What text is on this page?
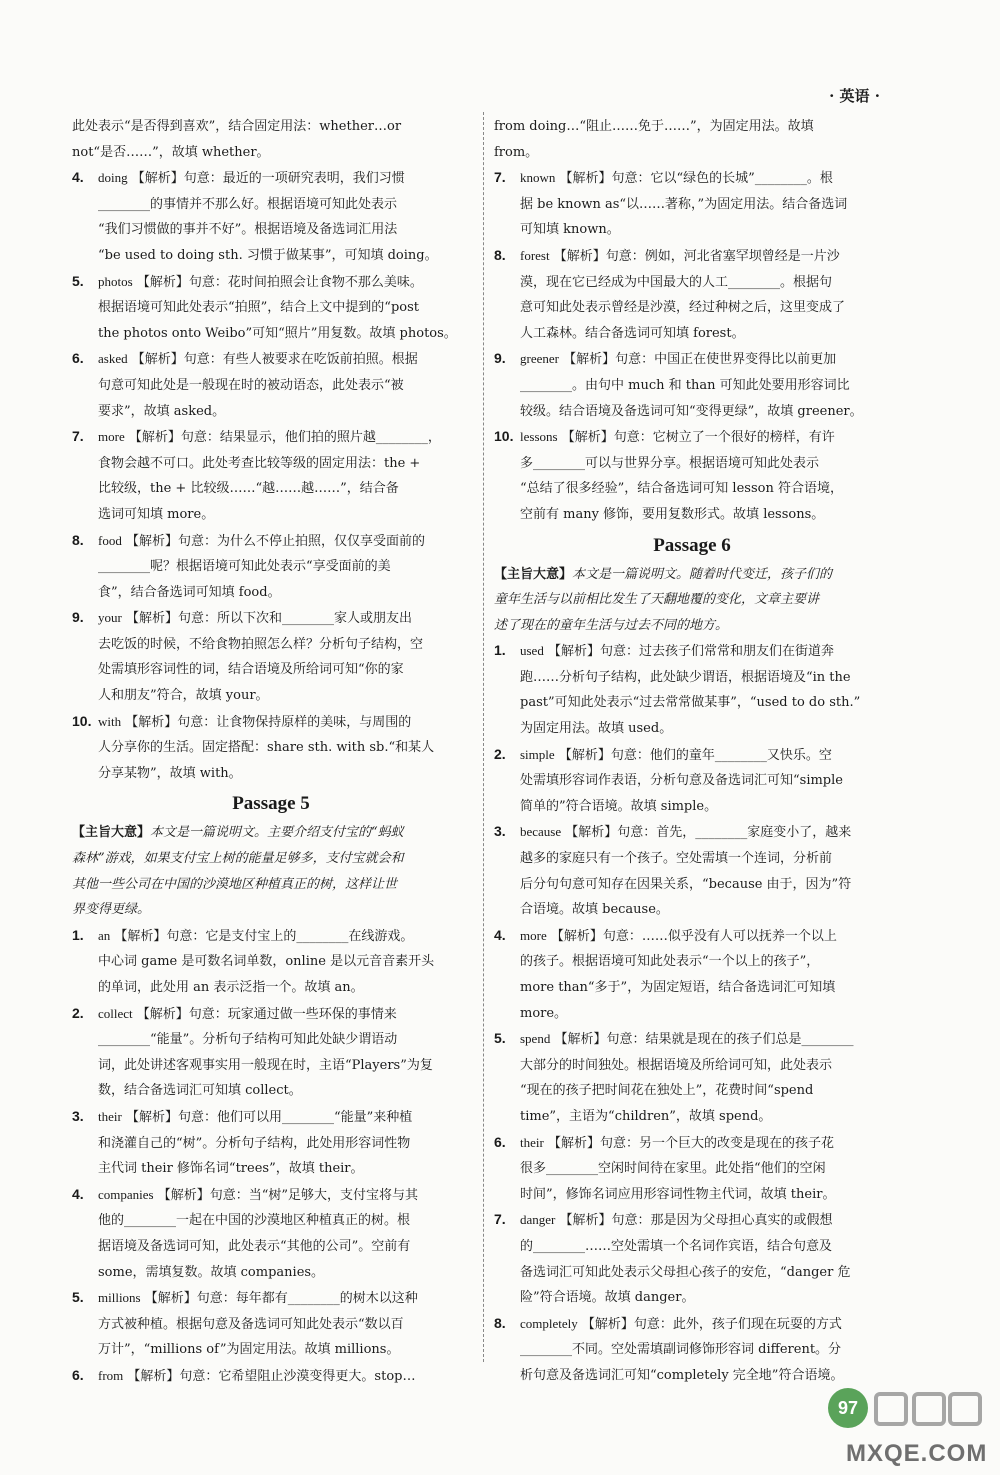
· 英语 ·
此处表示“是否得到喜欢”，结合固定用法：whether…or
not“是否……”，故填 whether。
4. doing 【解析】句意：最近的一项研究表明，我们习惯
________的事情并不那么好。根据语境可知此处表示
“我们习惯做的事并不好”。根据语境及备选词汇用法
“be used to doing sth. 习惯于做某事”，可知填 doing。
5. photos 【解析】句意：花时间拍照会让食物不那么美味。
根据语境可知此处表示“拍照”，结合上文中提到的“post
the photos onto Weibo”可知“照片”用复数。故填 photos。
6. asked 【解析】句意：有些人被要求在吃饭前拍照。根据
句意可知此处是一般现在时的被动语态，此处表示“被
要求”，故填 asked。
7. more 【解析】句意：结果显示，他们拍的照片越________，
食物会越不可口。此处考查比较等级的固定用法：the +
比较级，the + 比较级……“越……越……”，结合备
选词可知填 more。
8. food 【解析】句意：为什么不停止拍照，仅仅享受面前的
________呢？根据语境可知此处表示“享受面前的美
食”，结合备选词可知填 food。
9. your 【解析】句意：所以下次和________家人或朋友出
去吃饭的时候，不给食物拍照怎么样？分析句子结构，空
处需填形容词性的词，结合语境及所给词可知“你的家
人和朋友”符合，故填 your。
10. with 【解析】句意：让食物保持原样的美味，与周围的
人分享你的生活。固定搭配：share sth. with sb.“和某人
分享某物”，故填 with。
Passage 5
【主旨大意】本文是一篇说明文。主要介绍支付宝的“蚂蚁
森林”游戏，如果支付宝上树的能量足够多，支付宝就会和
其他一些公司在中国的沙漠地区种植真正的树，这样让世
界变得更绿。
1. an 【解析】句意：它是支付宝上的________在线游戏。
中心词 game 是可数名词单数，online 是以元音音素开头
的单词，此处用 an 表示泛指一个。故填 an。
2. collect 【解析】句意：玩家通过做一些环保的事情来
________“能量”。分析句子结构可知此处缺少谓语动
词，此处讲述客观事实用一般现在时，主语“Players”为复
数，结合备选词汇可知填 collect。
3. their 【解析】句意：他们可以用________“能量”来种植
和浇灌自己的“树”。分析句子结构，此处用形容词性物
主代词 their 修饰名词“trees”，故填 their。
4. companies 【解析】句意：当“树”足够大，支付宝将与其
他的________一起在中国的沙漠地区种植真正的树。根
据语境及备选词可知，此处表示“其他的公司”。空前有
some，需填复数。故填 companies。
5. millions 【解析】句意：每年都有________的树木以这种
方式被种植。根据句意及备选词可知此处表示“数以百
万计”，“millions of”为固定用法。故填 millions。
6. from 【解析】句意：它希望阻止沙漠变得更大。stop…
from doing…“阻止……免于……”，为固定用法。故填
from。
7. known 【解析】句意：它以“绿色的长城”________。根
据 be known as“以……著称，”为固定用法。结合备选词
可知填 known。
8. forest 【解析】句意：例如，河北省塞罕坝曾经是一片沙
漠，现在它已经成为中国最大的人工________。根据句
意可知此处表示曾经是沙漠，经过种树之后，这里变成了
人工森林。结合备选词可知填 forest。
9. greener 【解析】句意：中国正在使世界变得比以前更加
________。由句中 much 和 than 可知此处要用形容词比
较级。结合语境及备选词可知“变得更绿”，故填 greener。
10. lessons 【解析】句意：它树立了一个很好的榜样，有许
多________可以与世界分享。根据语境可知此处表示
“总结了很多经验”，结合备选词可知 lesson 符合语境，
空前有 many 修饰，要用复数形式。故填 lessons。
Passage 6
【主旨大意】本文是一篇说明文。随着时代变迁，孩子们的
童年生活与以前相比发生了天翻地覆的变化，文章主要讲
述了现在的童年生活与过去不同的地方。
1. used 【解析】句意：过去孩子们常常和朋友们在街道奔
跑……分析句子结构，此处缺少谓语，根据语境及“in the
past”可知此处表示“过去常常做某事”，“used to do sth.”
为固定用法。故填 used。
2. simple 【解析】句意：他们的童年________又快乐。空
处需填形容词作表语，分析句意及备选词汇可知“simple
简单的”符合语境。故填 simple。
3. because 【解析】句意：首先，________家庭变小了，越来
越多的家庭只有一个孩子。空处需填一个连词，分析前
后分句句意可知存在因果关系，“because 由于，因为”符
合语境。故填 because。
4. more 【解析】句意：……似乎没有人可以抚养一个以上
的孩子。根据语境可知此处表示“一个以上的孩子”，
more than“多于”，为固定短语，结合备选词汇可知填
more。
5. spend 【解析】句意：结果就是现在的孩子们总是________
大部分的时间独处。根据语境及所给词可知，此处表示
“现在的孩子把时间花在独处上”，花费时间“spend
time”，主语为“children”，故填 spend。
6. their 【解析】句意：另一个巨大的改变是现在的孩子花
很多________空闲时间待在家里。此处指“他们的空闲
时间”，修饰名词应用形容词性物主代词，故填 their。
7. danger 【解析】句意：那是因为父母担心真实的或假想
的________……空处需填一个名词作宾语，结合句意及
备选词汇可知此处表示父母担心孩子的安危，“danger 危
险”符合语境。故填 danger。
8. completely 【解析】句意：此外，孩子们现在玩耍的方式
________不同。空处需填副词修饰形容词 different。分
析句意及备选词汇可知“completely 完全地”符合语境。
97
MXQE.COM
